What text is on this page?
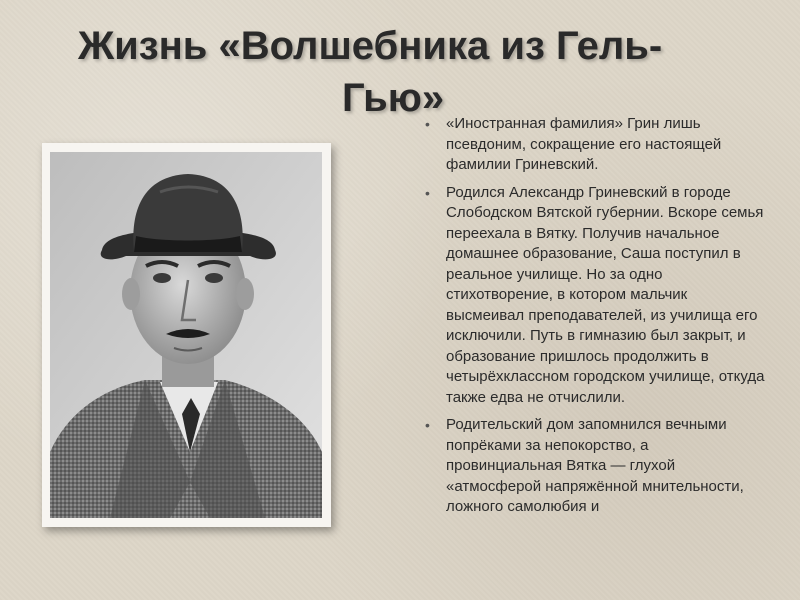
Жизнь «Волшебника из Гель-
Гью»
• «Иностранная фамилия» Грин лишь псевдоним, сокращение его настоящей фамилии Гриневский.
• Родился Александр Гриневский в городе Слободском Вятской губернии. Вскоре семья переехала в Вятку. Получив начальное домашнее образование, Саша поступил в реальное училище. Но за одно стихотворение, в котором мальчик высмеивал преподавателей, из училища его исключили. Путь в гимназию был закрыт, и образование пришлось продолжить в четырёхклассном городском училище, откуда также едва не отчислили.
• Родительский дом запомнился вечными попрёками за непокорство, а провинциальная Вятка — глухой «атмосферой напряжённой мнительности, ложного самолюбия и
